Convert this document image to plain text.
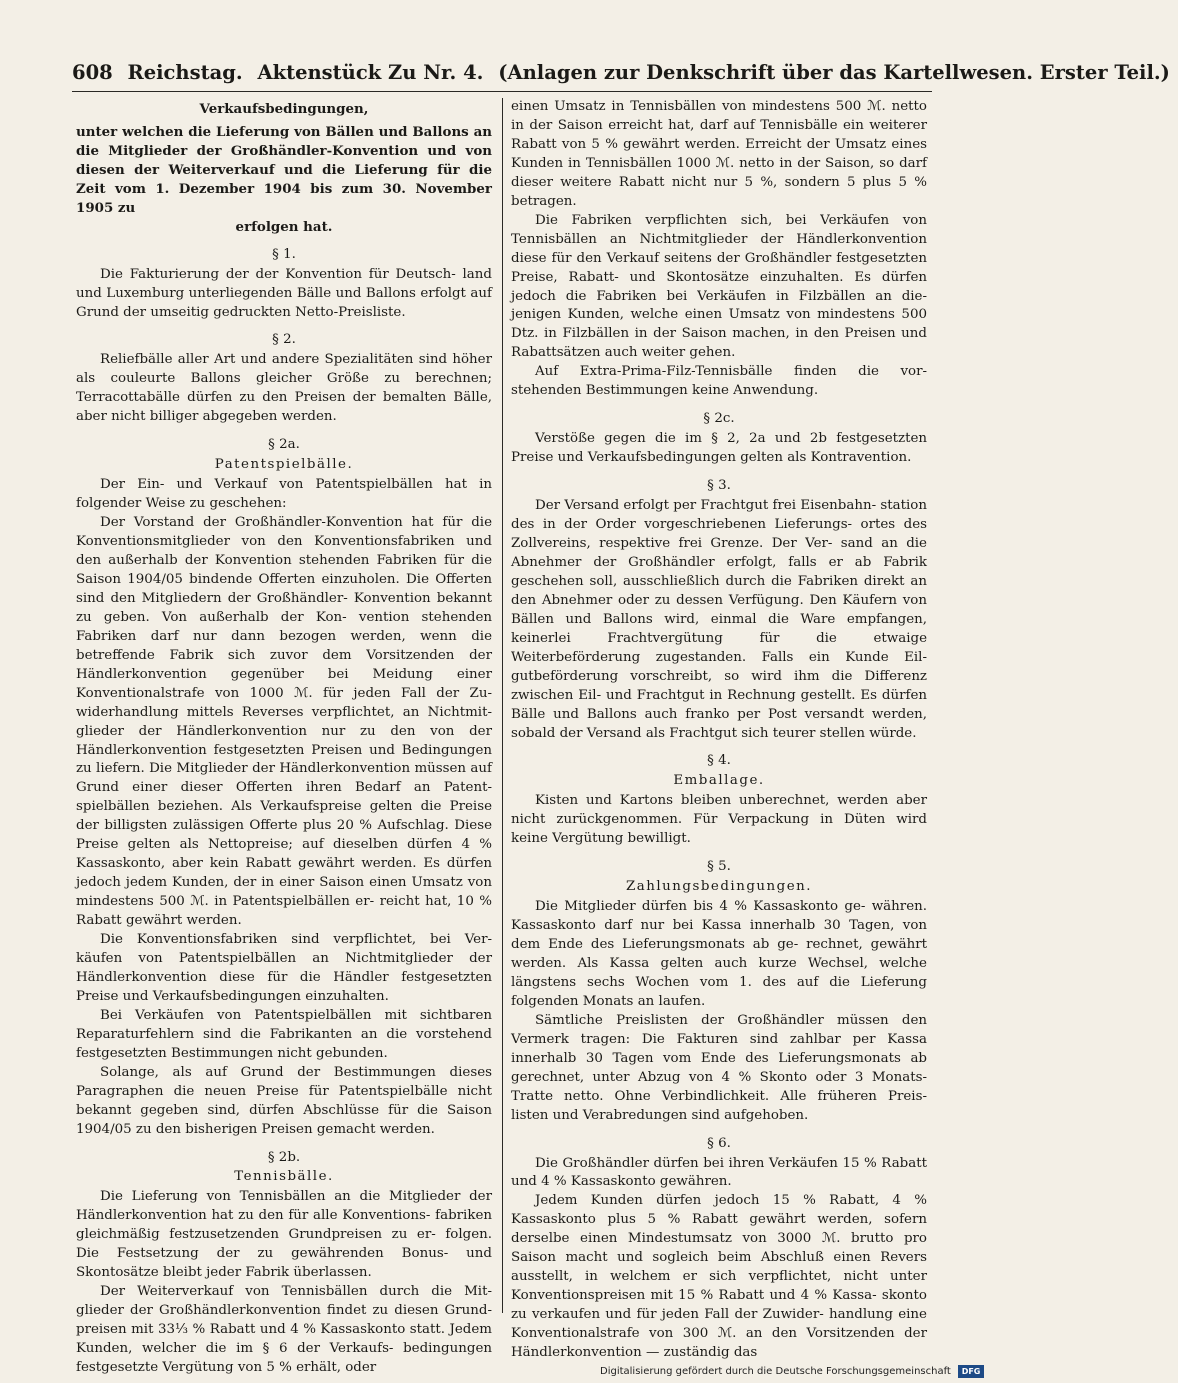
608 Reichstag. Aktenstück Zu Nr. 4. (Anlagen zur Denkschrift über das Kartellwesen. Erster Teil.)

Verkaufsbedingungen,

unter welchen die Lieferung von Bällen und Ballons an die Mitglieder der Großhändler-Konvention und von diesen der Weiterverkauf und die Lieferung für die Zeit vom 1. Dezember 1904 bis zum 30. November 1905 zu

erfolgen hat.

§ 1.

Die Fakturierung der der Konvention für Deutsch- land und Luxemburg unterliegenden Bälle und Ballons erfolgt auf Grund der umseitig gedruckten Netto-Preisliste.

§ 2.

Reliefbälle aller Art und andere Spezialitäten sind höher als couleurte Ballons gleicher Größe zu berechnen; Terracottabälle dürfen zu den Preisen der bemalten Bälle, aber nicht billiger abgegeben werden.

§ 2a.

Patentspielbälle.

Der Ein- und Verkauf von Patentspielbällen hat in folgender Weise zu geschehen:

Der Vorstand der Großhändler-Konvention hat für die Konventionsmitglieder von den Konventionsfabriken und den außerhalb der Konvention stehenden Fabriken für die Saison 1904/05 bindende Offerten einzuholen. Die Offerten sind den Mitgliedern der Großhändler- Konvention bekannt zu geben. Von außerhalb der Kon- vention stehenden Fabriken darf nur dann bezogen werden, wenn die betreffende Fabrik sich zuvor dem Vorsitzenden der Händlerkonvention gegenüber bei Meidung einer Konventionalstrafe von 1000 ℳ. für jeden Fall der Zu- widerhandlung mittels Reverses verpflichtet, an Nichtmit- glieder der Händlerkonvention nur zu den von der Händlerkonvention festgesetzten Preisen und Bedingungen zu liefern. Die Mitglieder der Händlerkonvention müssen auf Grund einer dieser Offerten ihren Bedarf an Patent- spielbällen beziehen. Als Verkaufspreise gelten die Preise der billigsten zulässigen Offerte plus 20 % Aufschlag. Diese Preise gelten als Nettopreise; auf dieselben dürfen 4 % Kassaskonto, aber kein Rabatt gewährt werden. Es dürfen jedoch jedem Kunden, der in einer Saison einen Umsatz von mindestens 500 ℳ. in Patentspielbällen er- reicht hat, 10 % Rabatt gewährt werden.

Die Konventionsfabriken sind verpflichtet, bei Ver- käufen von Patentspielbällen an Nichtmitglieder der Händlerkonvention diese für die Händler festgesetzten Preise und Verkaufsbedingungen einzuhalten.

Bei Verkäufen von Patentspielbällen mit sichtbaren Reparaturfehlern sind die Fabrikanten an die vorstehend festgesetzten Bestimmungen nicht gebunden.

Solange, als auf Grund der Bestimmungen dieses Paragraphen die neuen Preise für Patentspielbälle nicht bekannt gegeben sind, dürfen Abschlüsse für die Saison 1904/05 zu den bisherigen Preisen gemacht werden.

§ 2b.

Tennisbälle.

Die Lieferung von Tennisbällen an die Mitglieder der Händlerkonvention hat zu den für alle Konventions- fabriken gleichmäßig festzusetzenden Grundpreisen zu er- folgen. Die Festsetzung der zu gewährenden Bonus- und Skontosätze bleibt jeder Fabrik überlassen.

Der Weiterverkauf von Tennisbällen durch die Mit- glieder der Großhändlerkonvention findet zu diesen Grund- preisen mit 33⅓ % Rabatt und 4 % Kassaskonto statt. Jedem Kunden, welcher die im § 6 der Verkaufs- bedingungen festgesetzte Vergütung von 5 % erhält, oder

einen Umsatz in Tennisbällen von mindestens 500 ℳ. netto in der Saison erreicht hat, darf auf Tennisbälle ein weiterer Rabatt von 5 % gewährt werden. Erreicht der Umsatz eines Kunden in Tennisbällen 1000 ℳ. netto in der Saison, so darf dieser weitere Rabatt nicht nur 5 %, sondern 5 plus 5 % betragen.

Die Fabriken verpflichten sich, bei Verkäufen von Tennisbällen an Nichtmitglieder der Händlerkonvention diese für den Verkauf seitens der Großhändler festgesetzten Preise, Rabatt- und Skontosätze einzuhalten. Es dürfen jedoch die Fabriken bei Verkäufen in Filzbällen an die- jenigen Kunden, welche einen Umsatz von mindestens 500 Dtz. in Filzbällen in der Saison machen, in den Preisen und Rabattsätzen auch weiter gehen.

Auf Extra-Prima-Filz-Tennisbälle finden die vor- stehenden Bestimmungen keine Anwendung.

§ 2c.

Verstöße gegen die im § 2, 2a und 2b festgesetzten Preise und Verkaufsbedingungen gelten als Kontravention.

§ 3.

Der Versand erfolgt per Frachtgut frei Eisenbahn- station des in der Order vorgeschriebenen Lieferungs- ortes des Zollvereins, respektive frei Grenze. Der Ver- sand an die Abnehmer der Großhändler erfolgt, falls er ab Fabrik geschehen soll, ausschließlich durch die Fabriken direkt an den Abnehmer oder zu dessen Verfügung. Den Käufern von Bällen und Ballons wird, einmal die Ware empfangen, keinerlei Frachtvergütung für die etwaige Weiterbeförderung zugestanden. Falls ein Kunde Eil- gutbeförderung vorschreibt, so wird ihm die Differenz zwischen Eil- und Frachtgut in Rechnung gestellt. Es dürfen Bälle und Ballons auch franko per Post versandt werden, sobald der Versand als Frachtgut sich teurer stellen würde.

§ 4.

Emballage.

Kisten und Kartons bleiben unberechnet, werden aber nicht zurückgenommen. Für Verpackung in Düten wird keine Vergütung bewilligt.

§ 5.

Zahlungsbedingungen.

Die Mitglieder dürfen bis 4 % Kassaskonto ge- währen. Kassaskonto darf nur bei Kassa innerhalb 30 Tagen, von dem Ende des Lieferungsmonats ab ge- rechnet, gewährt werden. Als Kassa gelten auch kurze Wechsel, welche längstens sechs Wochen vom 1. des auf die Lieferung folgenden Monats an laufen.

Sämtliche Preislisten der Großhändler müssen den Vermerk tragen: Die Fakturen sind zahlbar per Kassa innerhalb 30 Tagen vom Ende des Lieferungsmonats ab gerechnet, unter Abzug von 4 % Skonto oder 3 Monats- Tratte netto. Ohne Verbindlichkeit. Alle früheren Preis- listen und Verabredungen sind aufgehoben.

§ 6.

Die Großhändler dürfen bei ihren Verkäufen 15 % Rabatt und 4 % Kassaskonto gewähren.

Jedem Kunden dürfen jedoch 15 % Rabatt, 4 % Kassaskonto plus 5 % Rabatt gewährt werden, sofern derselbe einen Mindestumsatz von 3000 ℳ. brutto pro Saison macht und sogleich beim Abschluß einen Revers ausstellt, in welchem er sich verpflichtet, nicht unter Konventionspreisen mit 15 % Rabatt und 4 % Kassa- skonto zu verkaufen und für jeden Fall der Zuwider- handlung eine Konventionalstrafe von 300 ℳ. an den Vorsitzenden der Händlerkonvention — zuständig das

Digitalisierung gefördert durch die Deutsche Forschungsgemeinschaft DFG
